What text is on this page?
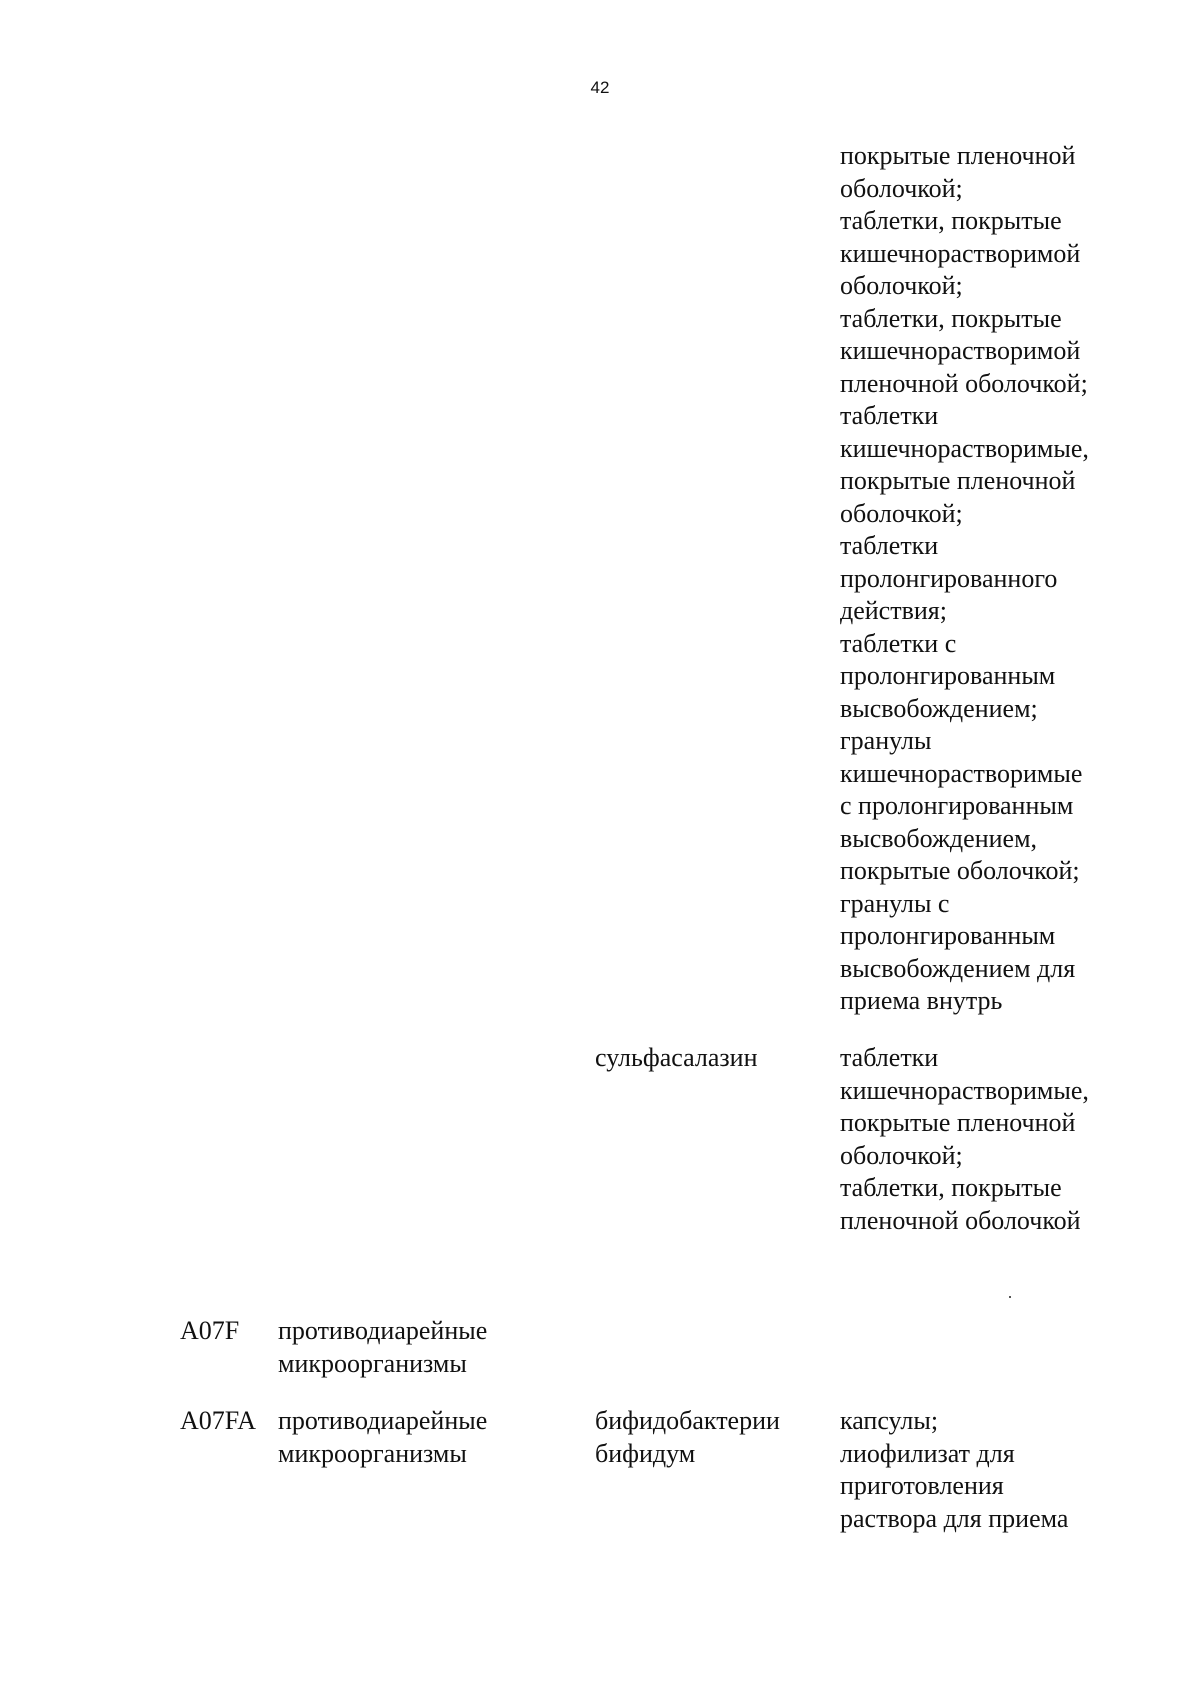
42
покрытые пленочной
оболочкой;
таблетки, покрытые
кишечнорастворимой
оболочкой;
таблетки, покрытые
кишечнорастворимой
пленочной оболочкой;
таблетки
кишечнорастворимые,
покрытые пленочной
оболочкой;
таблетки
пролонгированного
действия;
таблетки с
пролонгированным
высвобождением;
гранулы
кишечнорастворимые
с пролонгированным
высвобождением,
покрытые оболочкой;
гранулы с
пролонгированным
высвобождением для
приема внутрь
сульфасалазин	таблетки
кишечнорастворимые,
покрытые пленочной
оболочкой;
таблетки, покрытые
пленочной оболочкой
A07F противодиарейные
микроорганизмы
A07FA противодиарейные
микроорганизмы
бифидобактерии
бифидум
капсулы;
лиофилизат для
приготовления
раствора для приема
